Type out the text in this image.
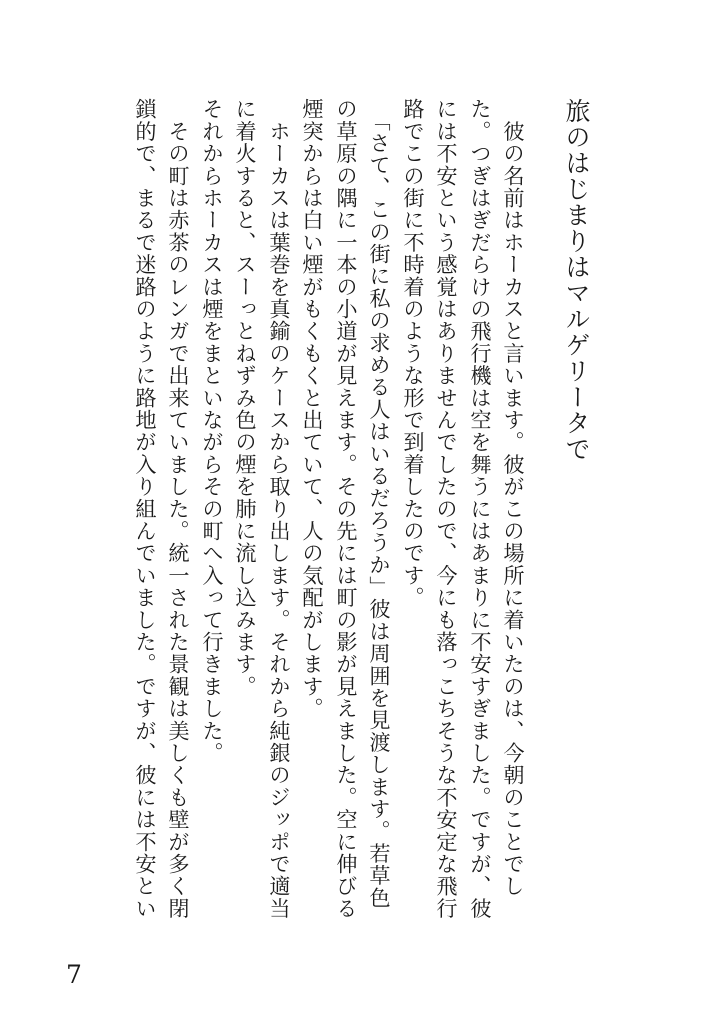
旅のはじまりはマルゲリータで
　彼の名前はホーカスと言います。彼がこの場所に着いたのは、今朝のことでし
た。つぎはぎだらけの飛行機は空を舞うにはあまりに不安すぎました。ですが、彼
には不安という感覚はありませんでしたので、今にも落っこちそうな不安定な飛行
路でこの街に不時着のような形で到着したのです。
　「さて、この街に私の求める人はいるだろうか」彼は周囲を見渡します。若草色
の草原の隅に一本の小道が見えます。その先には町の影が見えました。空に伸びる
煙突からは白い煙がもくもくと出ていて、人の気配がします。
　ホーカスは葉巻を真鍮のケースから取り出します。それから純銀のジッポで適当
に着火すると、スーっとねずみ色の煙を肺に流し込みます。
それからホーカスは煙をまといながらその町へ入って行きました。
　その町は赤茶のレンガで出来ていました。統一された景観は美しくも壁が多く閉
鎖的で、まるで迷路のように路地が入り組んでいました。ですが、彼には不安とい
7
